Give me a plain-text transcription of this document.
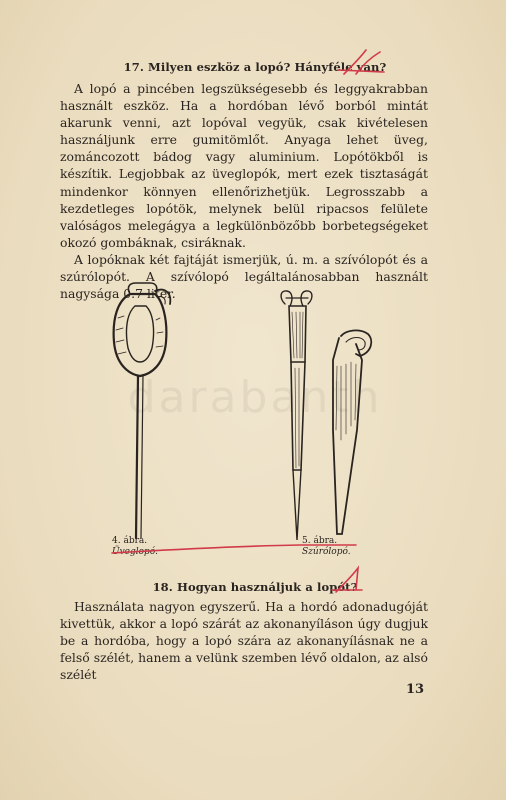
darabanth
17. Milyen eszköz a lopó? Hányféle van?

A lopó a pincében legszükségesebb és leggyakrabban használt eszköz. Ha a hordóban lévő borból mintát akarunk venni, azt lopóval vegyük, csak kivételesen használjunk erre gumitömlőt. Anyaga lehet üveg, zománcozott bádog vagy aluminium. Lopótökből is készítik. Legjobbak az üveglopók, mert ezek tisztaságát mindenkor könnyen ellenőrizhetjük. Legrosszabb a kezdetleges lopótök, melynek belül ripacsos felülete valóságos melegágya a legkülönbözőbb borbetegségeket okozó gombáknak, csiráknak.

A lopóknak két fajtáját ismerjük, ú. m. a szívólopót és a szúrólopót. A szívólopó legáltalánosabban használt nagysága 0.7 liter.

4. ábra.
Üveglopó.
5. ábra.
Szúrólopó.
18. Hogyan használjuk a lopót?

Használata nagyon egyszerű. Ha a hordó adonadugóját kivettük, akkor a lopó szárát az akonanyíláson úgy dugjuk be a hordóba, hogy a lopó szára az akonanyílásnak ne a felső szélét, hanem a velünk szemben lévő oldalon, az alsó szélét

13
